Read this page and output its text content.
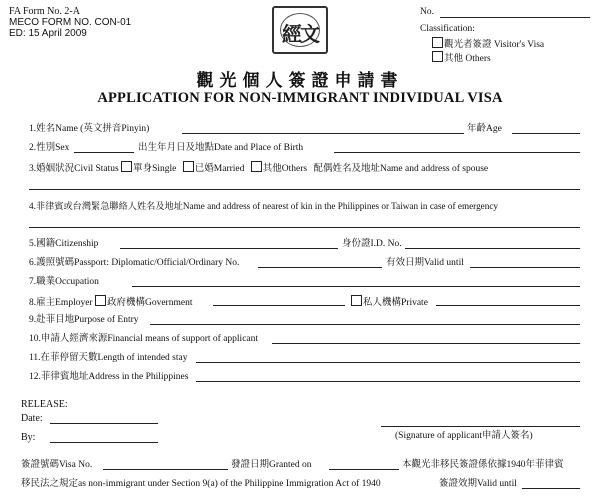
FA Form No. 2-A
MECO FORM NO. CON-01
ED: 15 April 2009	經文
No.
Classification:
觀光者簽證 Visitor's Visa
其他 Others
觀光個人簽證申請書
APPLICATION FOR NON-IMMIGRANT INDIVIDUAL VISA
1.姓名Name (英文拼音Pinyin)	年齡Age
2.性別Sex	出生年月日及地點Date and Place of Birth
3.婚姻狀況Civil Status 單身Single 已婚Married 其他Others 配偶姓名及地址Name and address of spouse
4.菲律賓或台灣緊急聯絡人姓名及地址Name and address of nearest of kin in the Philippines or Taiwan in case of emergency
5.國籍Citizenship	身份證I.D. No.
6.護照號碼Passport: Diplomatic/Official/Ordinary No.	有效日期Valid until
7.職業Occupation
8.雇主Employer 政府機構Government	私人機構Private
9.赴菲目地Purpose of Entry
10.申請人經濟來源Financial means of support of applicant
11.在菲停留天數Length of intended stay
12.菲律賓地址Address in the Philippines
RELEASE:
Date:
By:	(Signature of applicant申請人簽名)
簽證號碼Visa No.	發證日期Granted on	本觀光非移民簽證係依據1940年菲律賓
移民法之規定as non-immigrant under Section 9(a) of the Philippine Immigration Act of 1940	簽證效期Valid until
